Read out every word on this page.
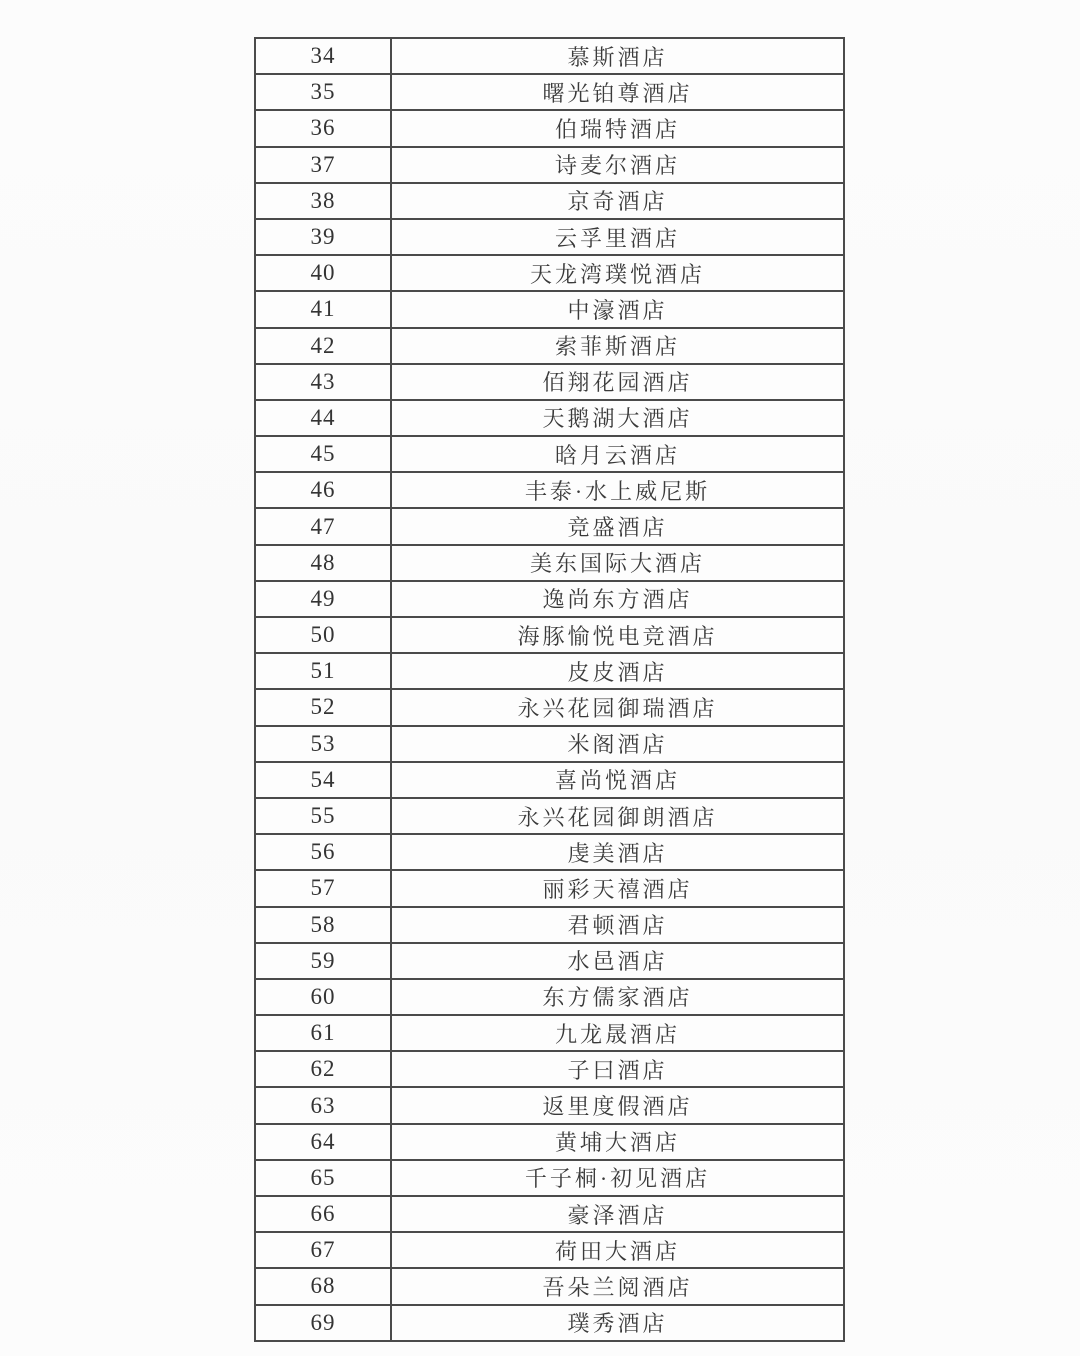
34	慕斯酒店
35	曙光铂尊酒店
36	伯瑞特酒店
37	诗麦尔酒店
38	京奇酒店
39	云孚里酒店
40	天龙湾璞悦酒店
41	中濠酒店
42	索菲斯酒店
43	佰翔花园酒店
44	天鹅湖大酒店
45	晗月云酒店
46	丰泰·水上威尼斯
47	竞盛酒店
48	美东国际大酒店
49	逸尚东方酒店
50	海豚愉悦电竞酒店
51	皮皮酒店
52	永兴花园御瑞酒店
53	米阁酒店
54	喜尚悦酒店
55	永兴花园御朗酒店
56	虔美酒店
57	丽彩天禧酒店
58	君顿酒店
59	水邑酒店
60	东方儒家酒店
61	九龙晟酒店
62	子曰酒店
63	返里度假酒店
64	黄埔大酒店
65	千子桐·初见酒店
66	豪泽酒店
67	荷田大酒店
68	吾朵兰阅酒店
69	璞秀酒店
